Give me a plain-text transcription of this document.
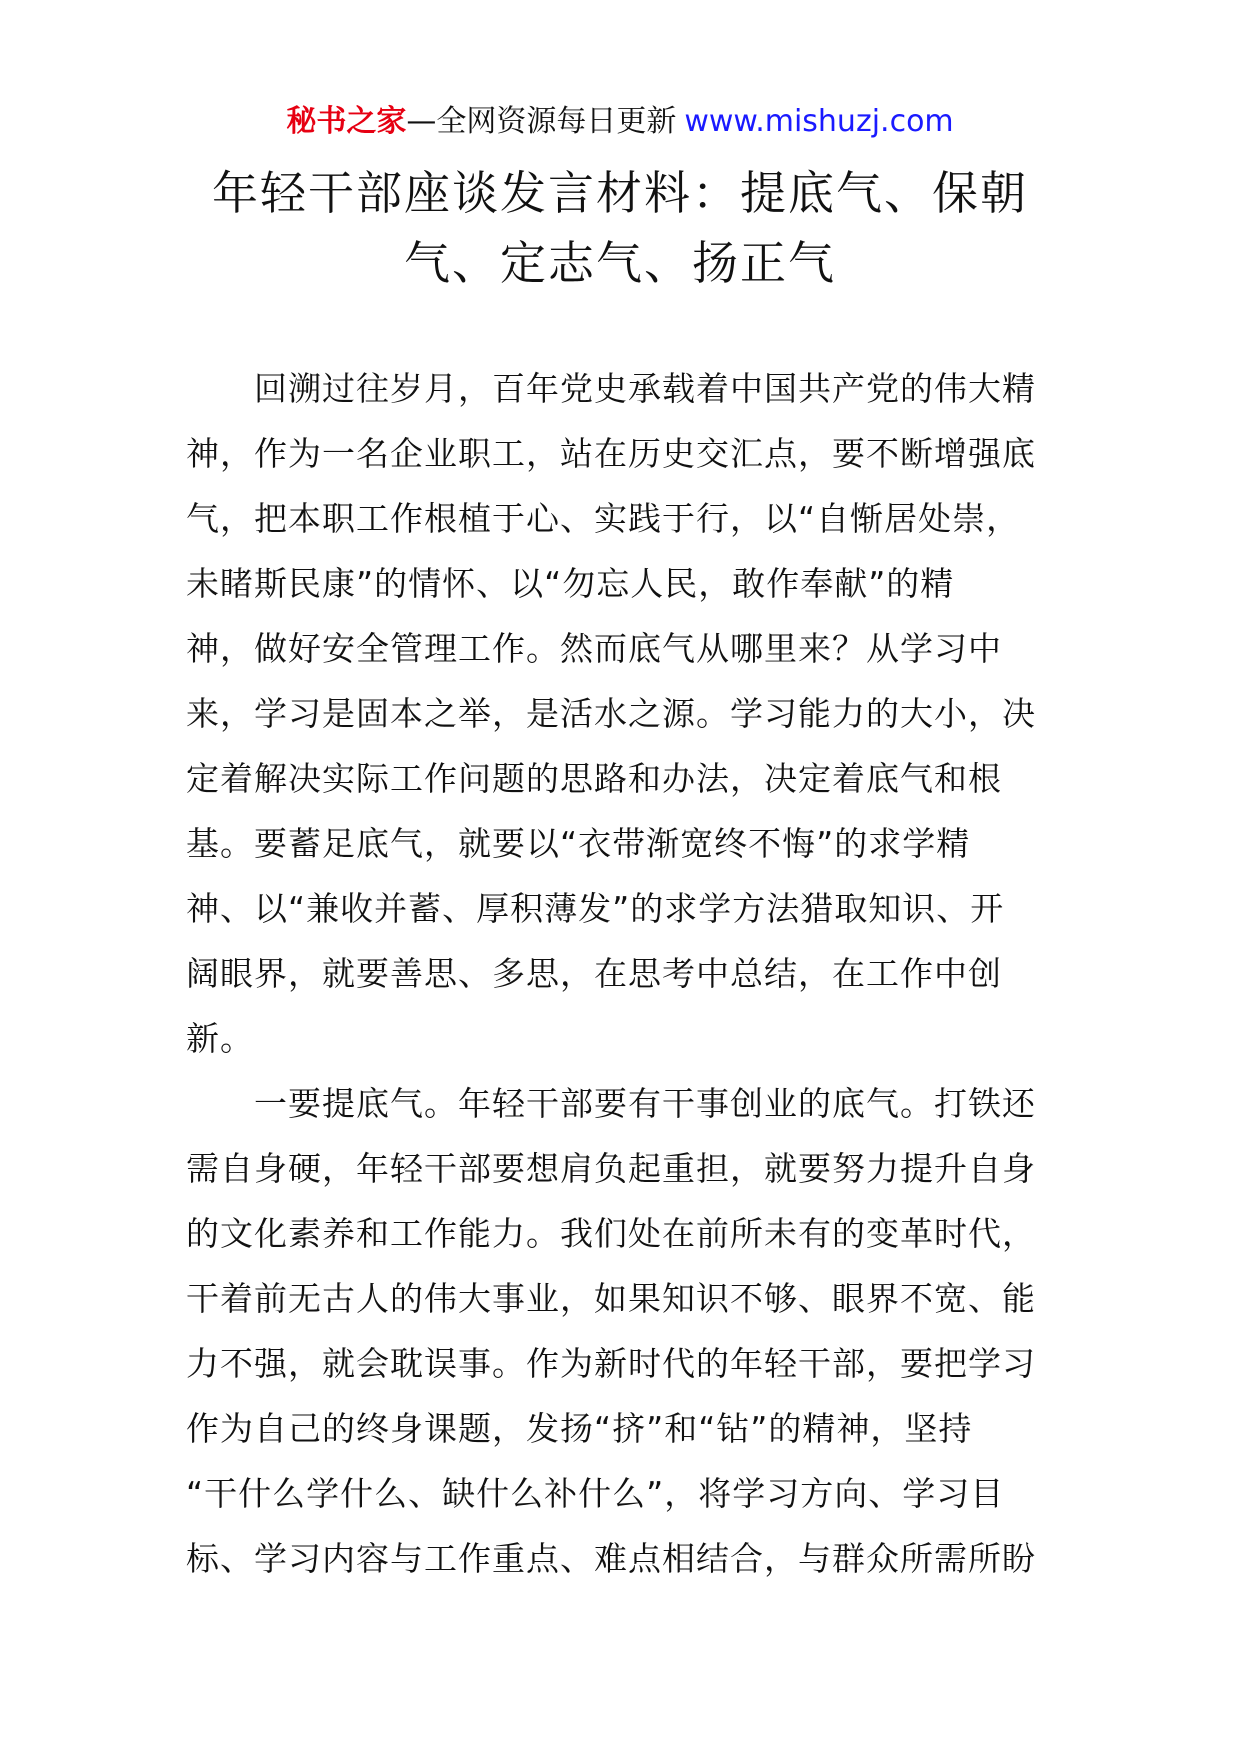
秘书之家—全网资源每日更新 www.mishuzj.com
年轻干部座谈发言材料：提底气、保朝
气、定志气、扬正气

回溯过往岁月，百年党史承载着中国共产党的伟大精
神，作为一名企业职工，站在历史交汇点，要不断增强底
气，把本职工作根植于心、实践于行，以“自惭居处崇，
未睹斯民康”的情怀、以“勿忘人民，敢作奉献”的精
神，做好安全管理工作。然而底气从哪里来？从学习中
来，学习是固本之举，是活水之源。学习能力的大小，决
定着解决实际工作问题的思路和办法，决定着底气和根
基。要蓄足底气，就要以“衣带渐宽终不悔”的求学精
神、以“兼收并蓄、厚积薄发”的求学方法猎取知识、开
阔眼界，就要善思、多思，在思考中总结，在工作中创
新。

一要提底气。年轻干部要有干事创业的底气。打铁还
需自身硬，年轻干部要想肩负起重担，就要努力提升自身
的文化素养和工作能力。我们处在前所未有的变革时代，
干着前无古人的伟大事业，如果知识不够、眼界不宽、能
力不强，就会耽误事。作为新时代的年轻干部，要把学习
作为自己的终身课题，发扬“挤”和“钻”的精神，坚持
“干什么学什么、缺什么补什么”，将学习方向、学习目
标、学习内容与工作重点、难点相结合，与群众所需所盼
